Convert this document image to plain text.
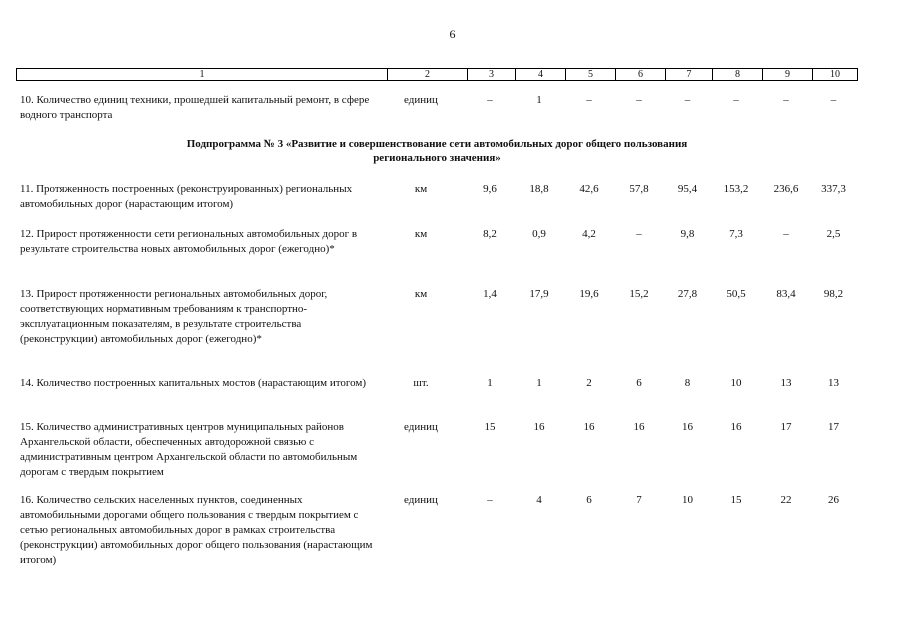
6
1	2	3	4	5	6	7	8	9	10
10. Количество единиц техники, прошедшей капитальный ремонт, в сфере водного транспорта
единиц	–	1	–	–	–	–	–	–
Подпрограмма № 3 «Развитие и совершенствование сети автомобильных дорог общего пользования
регионального значения»
11. Протяженность построенных (реконструированных) региональных автомобильных дорог (нарастающим итогом)
км	9,6	18,8	42,6	57,8	95,4	153,2	236,6	337,3
12. Прирост протяженности сети региональных автомобильных дорог в результате строительства новых автомобильных дорог (ежегодно)*
км	8,2	0,9	4,2	–	9,8	7,3	–	2,5
13. Прирост протяженности региональных автомобильных дорог, соответствующих нормативным требованиям к транспортно-эксплуатационным показателям, в результате строительства (реконструкции) автомобильных дорог (ежегодно)*
км	1,4	17,9	19,6	15,2	27,8	50,5	83,4	98,2
14. Количество построенных капитальных мостов (нарастающим итогом)	шт.	1	1	2	6	8	10	13	13
15. Количество административных центров муниципальных районов Архангельской области, обеспеченных автодорожной связью с административным центром Архангельской области по автомобильным дорогам с твердым покрытием
единиц	15	16	16	16	16	16	17	17
16. Количество сельских населенных пунктов, соединенных автомобильными дорогами общего пользования с твердым покрытием с сетью региональных автомобильных дорог в рамках строительства (реконструкции) автомобильных дорог общего пользования (нарастающим итогом)
единиц	–	4	6	7	10	15	22	26
